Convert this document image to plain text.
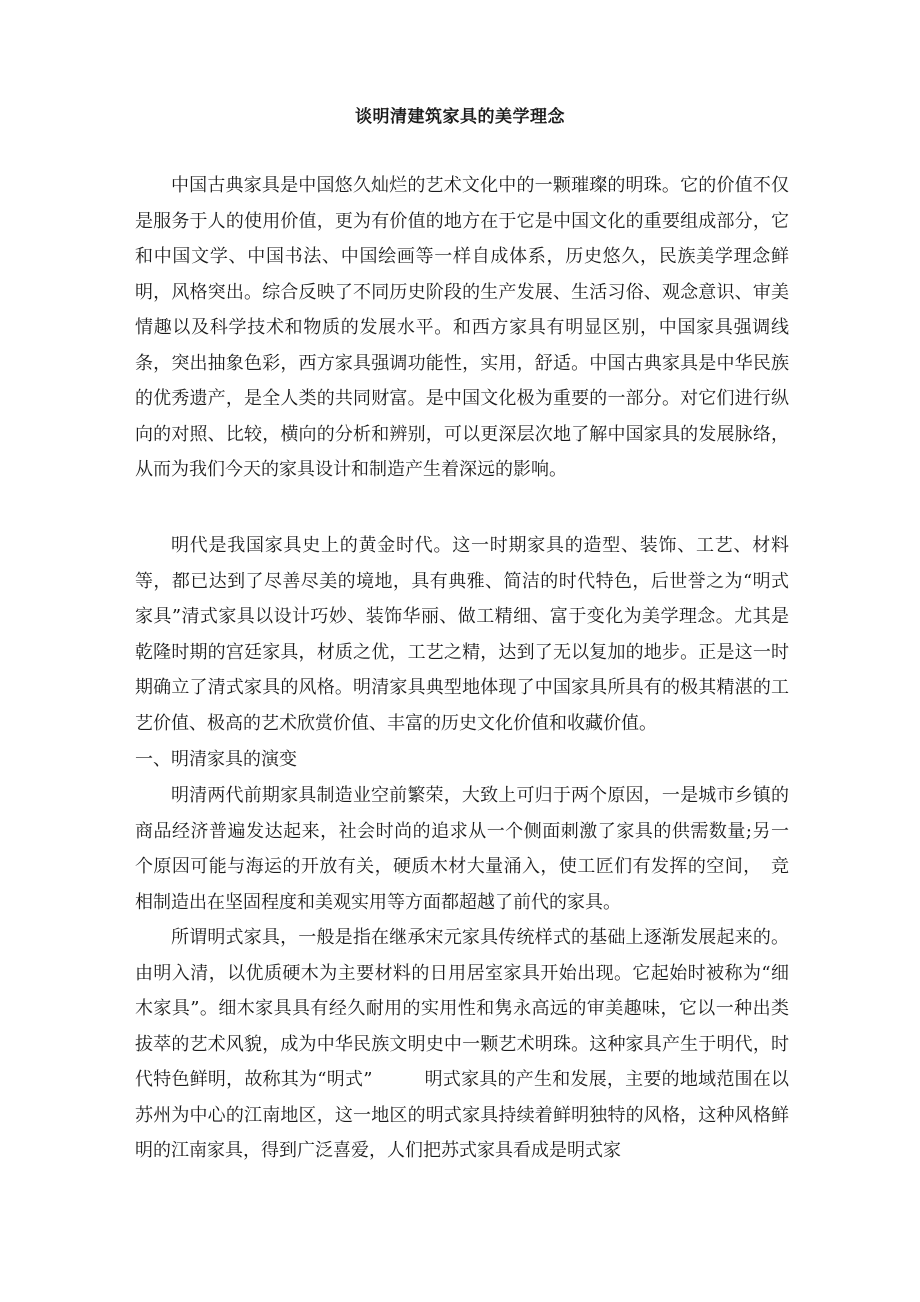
谈明清建筑家具的美学理念
中国古典家具是中国悠久灿烂的艺术文化中的一颗璀璨的明珠。它的价值不仅是服务于人的使用价值，更为有价值的地方在于它是中国文化的重要组成部分，它和中国文学、中国书法、中国绘画等一样自成体系，历史悠久，民族美学理念鲜明，风格突出。综合反映了不同历史阶段的生产发展、生活习俗、观念意识、审美情趣以及科学技术和物质的发展水平。和西方家具有明显区别，中国家具强调线条，突出抽象色彩，西方家具强调功能性，实用，舒适。中国古典家具是中华民族的优秀遗产，是全人类的共同财富。是中国文化极为重要的一部分。对它们进行纵向的对照、比较，横向的分析和辨别，可以更深层次地了解中国家具的发展脉络，从而为我们今天的家具设计和制造产生着深远的影响。
明代是我国家具史上的黄金时代。这一时期家具的造型、装饰、工艺、材料等，都已达到了尽善尽美的境地，具有典雅、简洁的时代特色，后世誉之为“明式家具”清式家具以设计巧妙、装饰华丽、做工精细、富于变化为美学理念。尤其是乾隆时期的宫廷家具，材质之优，工艺之精，达到了无以复加的地步。正是这一时期确立了清式家具的风格。明清家具典型地体现了中国家具所具有的极其精湛的工艺价值、极高的艺术欣赏价值、丰富的历史文化价值和收藏价值。
一、明清家具的演变
明清两代前期家具制造业空前繁荣，大致上可归于两个原因，一是城市乡镇的商品经济普遍发达起来，社会时尚的追求从一个侧面刺激了家具的供需数量;另一个原因可能与海运的开放有关，硬质木材大量涌入，使工匠们有发挥的空间，　竞相制造出在坚固程度和美观实用等方面都超越了前代的家具。
所谓明式家具，一般是指在继承宋元家具传统样式的基础上逐渐发展起来的。由明入清，以优质硬木为主要材料的日用居室家具开始出现。它起始时被称为“细木家具”。细木家具具有经久耐用的实用性和隽永高远的审美趣味，它以一种出类拔萃的艺术风貌，成为中华民族文明史中一颗艺术明珠。这种家具产生于明代，时代特色鲜明，故称其为“明式”	明式家具的产生和发展，主要的地域范围在以苏州为中心的江南地区，这一地区的明式家具持续着鲜明独特的风格，这种风格鲜明的江南家具，得到广泛喜爱，人们把苏式家具看成是明式家
